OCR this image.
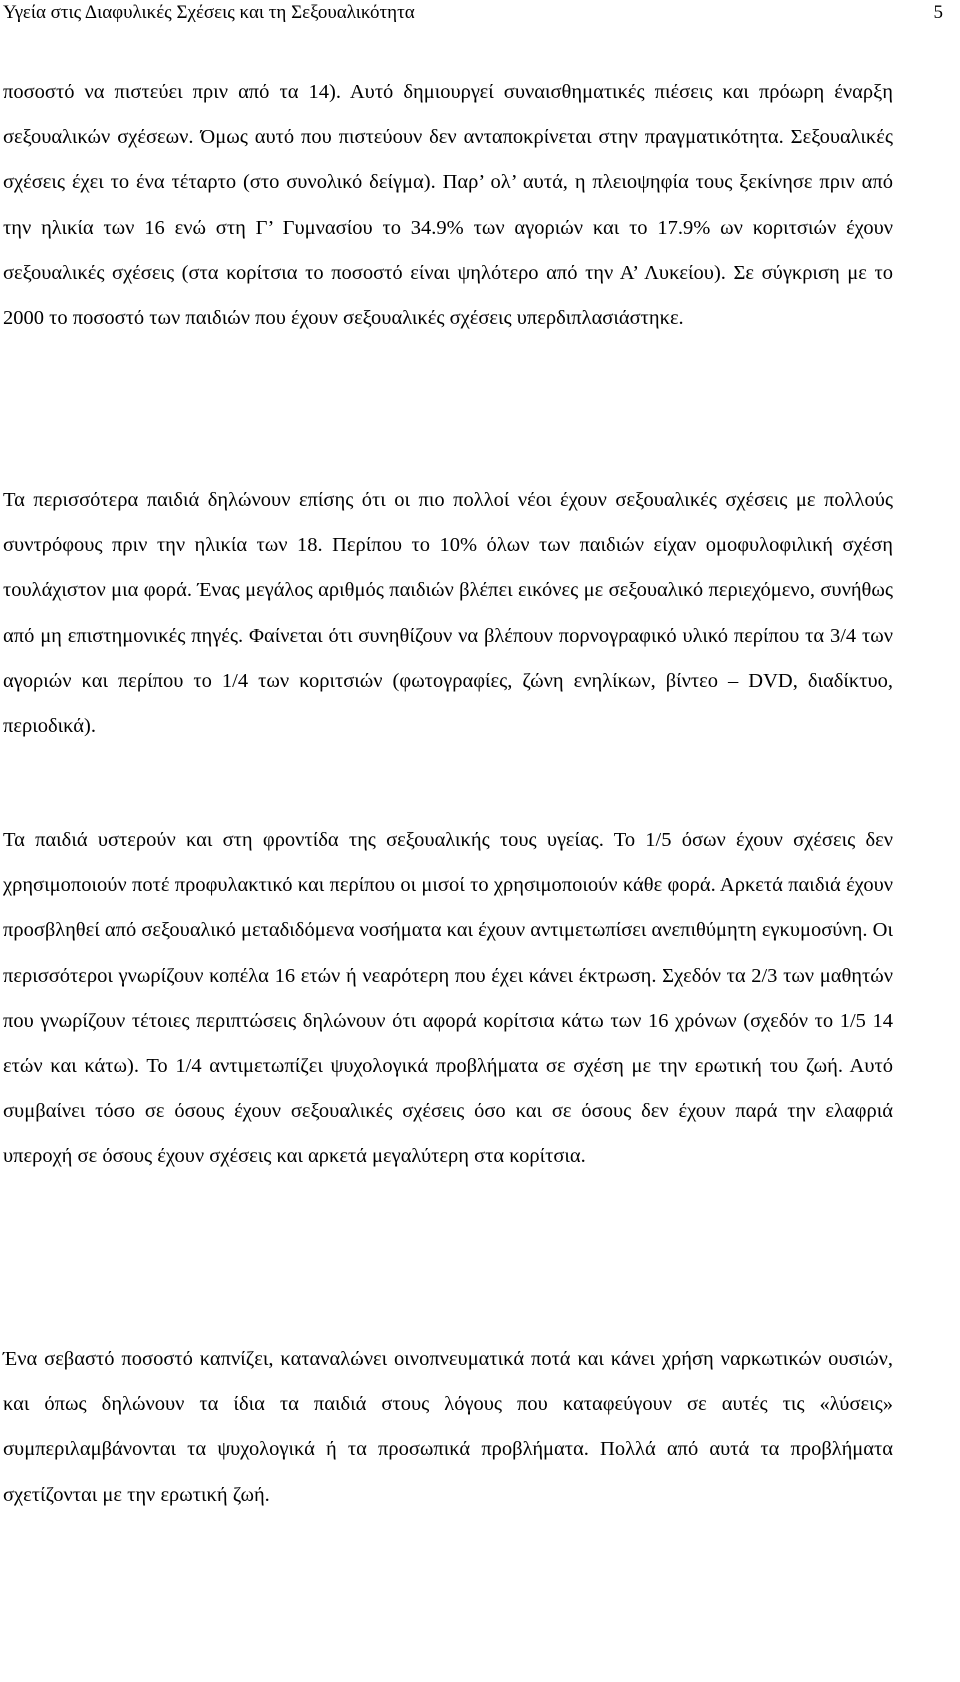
Υγεία στις Διαφυλικές Σχέσεις και τη Σεξουαλικότητα	5

ποσοστό να πιστεύει πριν από τα 14). Αυτό δημιουργεί συναισθηματικές πιέσεις και πρόωρη έναρξη σεξουαλικών σχέσεων. Όμως αυτό που πιστεύουν δεν ανταποκρίνεται στην πραγματικότητα. Σεξουαλικές σχέσεις έχει το ένα τέταρτο (στο συνολικό δείγμα). Παρ’ ολ’ αυτά, η πλειοψηφία τους ξεκίνησε πριν από την ηλικία των 16 ενώ στη Γ’ Γυμνασίου το 34.9% των αγοριών και το 17.9% ων κοριτσιών έχουν σεξουαλικές σχέσεις (στα κορίτσια το ποσοστό είναι ψηλότερο από την Α’ Λυκείου). Σε σύγκριση με το 2000 το ποσοστό των παιδιών που έχουν σεξουαλικές σχέσεις υπερδιπλασιάστηκε.

Τα περισσότερα παιδιά δηλώνουν επίσης ότι οι πιο πολλοί νέοι έχουν σεξουαλικές σχέσεις με πολλούς συντρόφους πριν την ηλικία των 18. Περίπου το 10% όλων των παιδιών είχαν ομοφυλοφιλική σχέση τουλάχιστον μια φορά. Ένας μεγάλος αριθμός παιδιών βλέπει εικόνες με σεξουαλικό περιεχόμενο, συνήθως από μη επιστημονικές πηγές. Φαίνεται ότι συνηθίζουν να βλέπουν πορνογραφικό υλικό περίπου τα 3/4 των αγοριών και περίπου το 1/4 των κοριτσιών (φωτογραφίες, ζώνη ενηλίκων, βίντεο – DVD, διαδίκτυο, περιοδικά).

Τα παιδιά υστερούν και στη φροντίδα της σεξουαλικής τους υγείας. Το 1/5 όσων έχουν σχέσεις δεν χρησιμοποιούν ποτέ προφυλακτικό και περίπου οι μισοί το χρησιμοποιούν κάθε φορά. Αρκετά παιδιά έχουν προσβληθεί από σεξουαλικό μεταδιδόμενα νοσήματα και έχουν αντιμετωπίσει ανεπιθύμητη εγκυμοσύνη. Οι περισσότεροι γνωρίζουν κοπέλα 16 ετών ή νεαρότερη που έχει κάνει έκτρωση. Σχεδόν τα 2/3 των μαθητών που γνωρίζουν τέτοιες περιπτώσεις δηλώνουν ότι αφορά κορίτσια κάτω των 16 χρόνων (σχεδόν το 1/5 14 ετών και κάτω). Το 1/4 αντιμετωπίζει ψυχολογικά προβλήματα σε σχέση με την ερωτική του ζωή. Αυτό συμβαίνει τόσο σε όσους έχουν σεξουαλικές σχέσεις όσο και σε όσους δεν έχουν παρά την ελαφριά υπεροχή σε όσους έχουν σχέσεις και αρκετά μεγαλύτερη στα κορίτσια.

Ένα σεβαστό ποσοστό καπνίζει, καταναλώνει οινοπνευματικά ποτά και κάνει χρήση ναρκωτικών ουσιών, και όπως δηλώνουν τα ίδια τα παιδιά στους λόγους που καταφεύγουν σε αυτές τις «λύσεις» συμπεριλαμβάνονται τα ψυχολογικά ή τα προσωπικά προβλήματα. Πολλά από αυτά τα προβλήματα σχετίζονται με την ερωτική ζωή.
